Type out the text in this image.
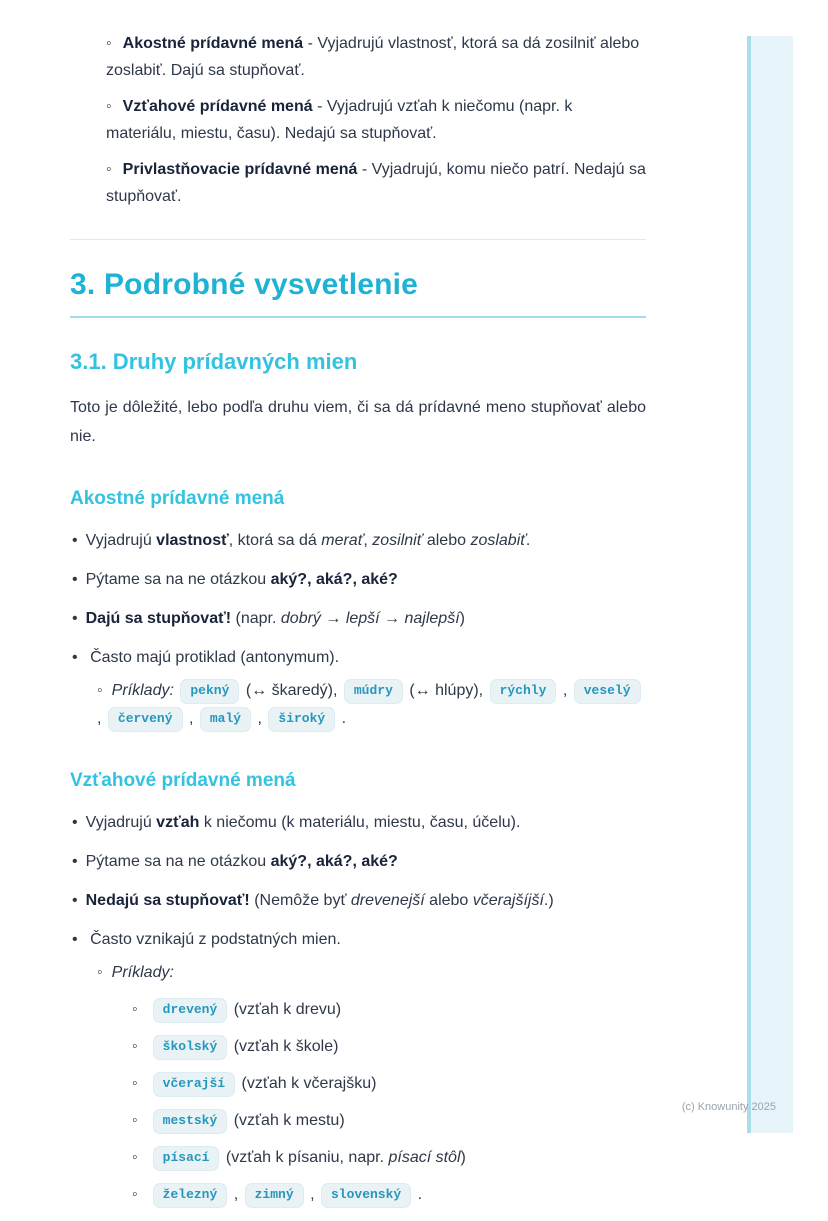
◦ Akostné prídavné mená - Vyjadrujú vlastnosť, ktorá sa dá zosilniť alebo zoslabiť. Dajú sa stupňovať.
◦ Vzťahové prídavné mená - Vyjadrujú vzťah k niečomu (napr. k materiálu, miestu, času). Nedajú sa stupňovať.
◦ Privlastňovacie prídavné mená - Vyjadrujú, komu niečo patrí. Nedajú sa stupňovať.
3. Podrobné vysvetlenie
3.1. Druhy prídavných mien

Toto je dôležité, lebo podľa druhu viem, či sa dá prídavné meno stupňovať alebo nie.

Akostné prídavné mená
• Vyjadrujú vlastnosť, ktorá sa dá merať, zosilniť alebo zoslabiť.
• Pýtame sa na ne otázkou aký?, aká?, aké?
• Dajú sa stupňovať! (napr. dobrý → lepší → najlepší)
• Často majú protiklad (antonymum).
◦ Príklady: pekný (↔ škaredý), múdry (↔ hlúpy), rýchly , veselý , červený , malý , široký .
Vzťahové prídavné mená
• Vyjadrujú vzťah k niečomu (k materiálu, miestu, času, účelu).
• Pýtame sa na ne otázkou aký?, aká?, aké?
• Nedajú sa stupňovať! (Nemôže byť drevenejší alebo včerajšíjší.)
• Často vznikajú z podstatných mien.
◦ Príklady:
◦ drevený (vzťah k drevu)
◦ školský (vzťah k škole)
◦ včerajší (vzťah k včerajšku)
◦ mestský (vzťah k mestu)
◦ písací (vzťah k písaniu, napr. písací stôl)
◦ železný , zimný , slovenský .
(c) Knowunity 2025
